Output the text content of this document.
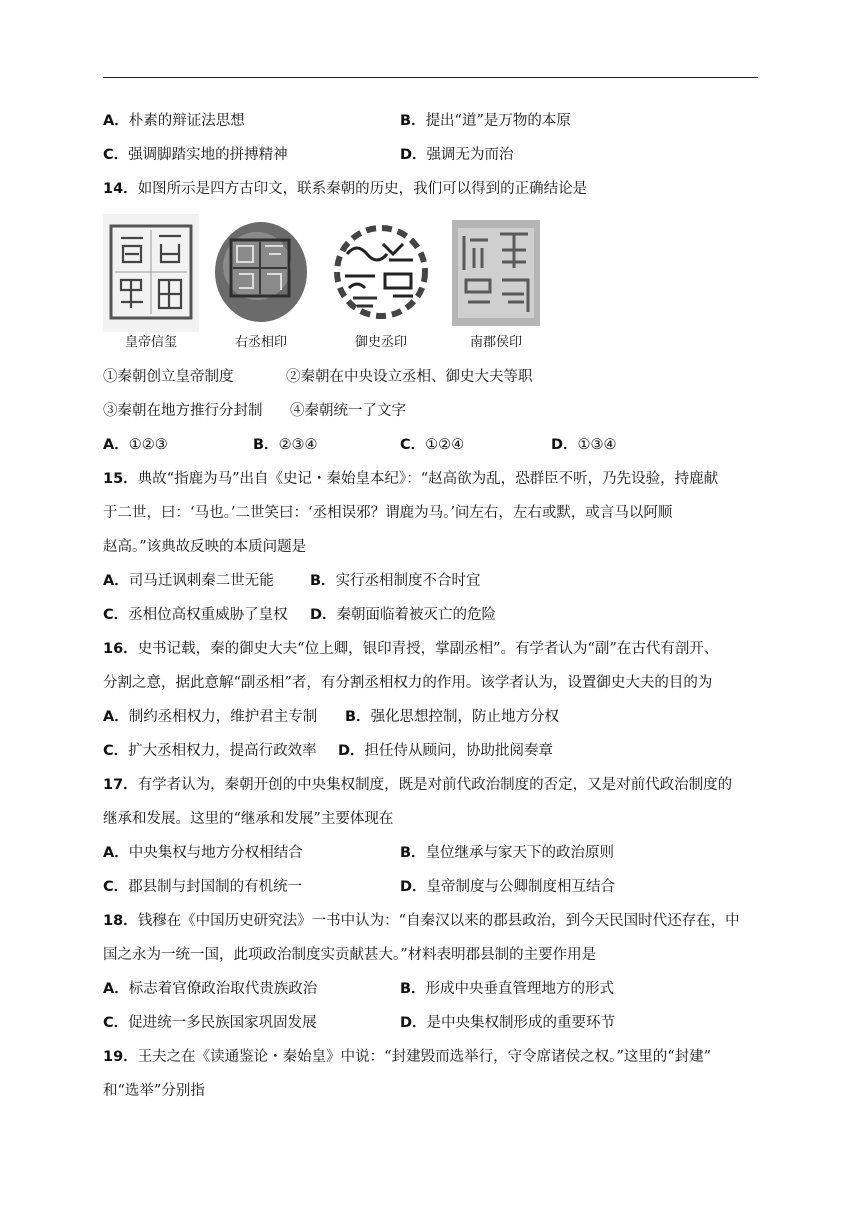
A．朴素的辩证法思想	B．提出“道”是万物的本原
C．强调脚踏实地的拼搏精神	D．强调无为而治
14．如图所示是四方古印文，联系秦朝的历史，我们可以得到的正确结论是
皇帝信玺	右丞相印	御史丞印	南郡侯印
①秦朝创立皇帝制度	②秦朝在中央设立丞相、御史大夫等职
③秦朝在地方推行分封制 ④秦朝统一了文字
A．①②③	B．②③④	C．①②④	D．①③④
15．典故“指鹿为马”出自《史记・秦始皇本纪》：“赵高欲为乱，恐群臣不听，乃先设验，持鹿献
于二世，曰：‘马也。’二世笑曰：‘丞相误邪？谓鹿为马。’问左右，左右或默，或言马以阿顺
赵高。”该典故反映的本质问题是
A．司马迁讽刺秦二世无能	B．实行丞相制度不合时宜
C．丞相位高权重威胁了皇权 D．秦朝面临着被灭亡的危险
16．史书记载，秦的御史大夫“位上卿，银印青授，掌副丞相”。有学者认为“副”在古代有剖开、
分割之意，据此意解“副丞相”者，有分割丞相权力的作用。该学者认为，设置御史大夫的目的为
A．制约丞相权力，维护君主专制 B．强化思想控制，防止地方分权
C．扩大丞相权力，提高行政效率 D．担任侍从顾问，协助批阅奏章
17．有学者认为，秦朝开创的中央集权制度，既是对前代政治制度的否定，又是对前代政治制度的
继承和发展。这里的“继承和发展”主要体现在
A．中央集权与地方分权相结合	B．皇位继承与家天下的政治原则
C．郡县制与封国制的有机统一	D．皇帝制度与公卿制度相互结合
18．钱穆在《中国历史研究法》一书中认为：“自秦汉以来的郡县政治，到今天民国时代还存在，中
国之永为一统一国，此项政治制度实贡献甚大。”材料表明郡县制的主要作用是
A．标志着官僚政治取代贵族政治	B．形成中央垂直管理地方的形式
C．促进统一多民族国家巩固发展	D．是中央集权制形成的重要环节
19．王夫之在《读通鉴论・秦始皇》中说：“封建毁而选举行，守令席诸侯之权。”这里的“封建”
和“选举”分别指
